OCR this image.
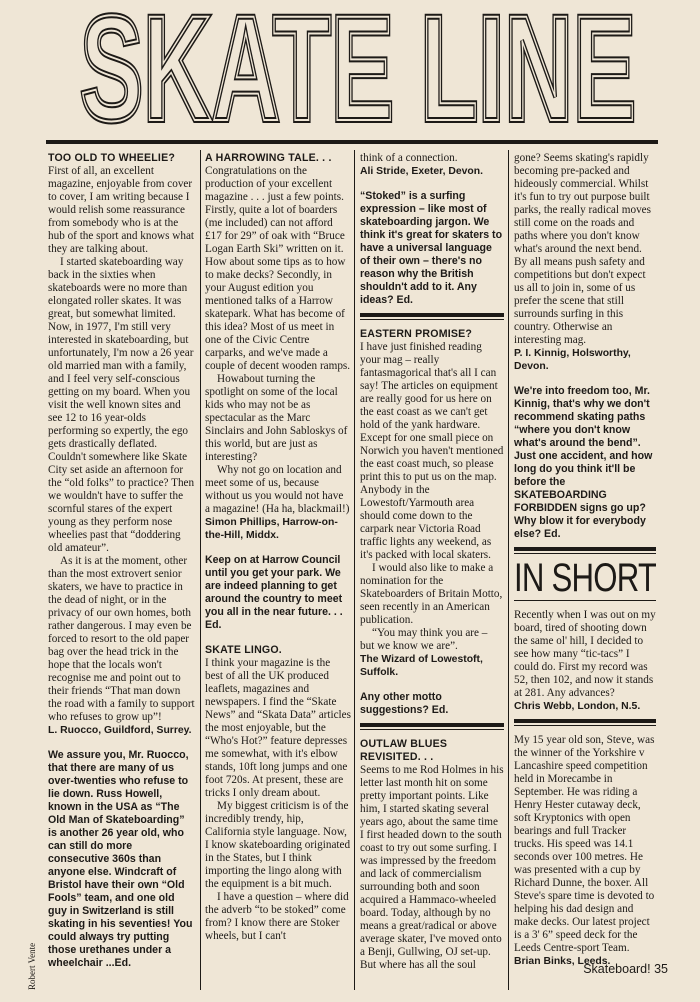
SKATE LINE
SKATE LINE

TOO OLD TO WHEELIE?

First of all, an excellent magazine, enjoyable from cover to cover, I am writing because I would relish some reassurance from somebody who is at the hub of the sport and knows what they are talking about.

I started skateboarding way back in the sixties when skateboards were no more than elongated roller skates. It was great, but somewhat limited. Now, in 1977, I'm still very interested in skateboarding, but unfortunately, I'm now a 26 year old married man with a family, and I feel very self-conscious getting on my board. When you visit the well known sites and see 12 to 16 year-olds performing so expertly, the ego gets drastically deflated. Couldn't somewhere like Skate City set aside an afternoon for the “old folks” to practice? Then we wouldn't have to suffer the scornful stares of the expert young as they perform nose wheelies past that “doddering old amateur”.

As it is at the moment, other than the most extrovert senior skaters, we have to practice in the dead of night, or in the privacy of our own homes, both rather dangerous. I may even be forced to resort to the old paper bag over the head trick in the hope that the locals won't recognise me and point out to their friends “That man down the road with a family to support who refuses to grow up”!

L. Ruocco, Guildford, Surrey.

We assure you, Mr. Ruocco, that there are many of us over-twenties who refuse to lie down. Russ Howell, known in the USA as “The Old Man of Skateboarding” is another 26 year old, who can still do more consecutive 360s than anyone else. Windcraft of Bristol have their own “Old Fools” team, and one old guy in Switzerland is still skating in his seventies! You could always try putting those urethanes under a wheelchair ...Ed.

A HARROWING TALE. . .

Congratulations on the production of your excellent magazine . . . just a few points. Firstly, quite a lot of boarders (me included) can not afford £17 for 29” of oak with “Bruce Logan Earth Ski” written on it. How about some tips as to how to make decks? Secondly, in your August edition you mentioned talks of a Harrow skatepark. What has become of this idea? Most of us meet in one of the Civic Centre carparks, and we've made a couple of decent wooden ramps.

Howabout turning the spotlight on some of the local kids who may not be as spectacular as the Marc Sinclairs and John Sabloskys of this world, but are just as interesting?

Why not go on location and meet some of us, because without us you would not have a magazine! (Ha ha, blackmail!)

Simon Phillips, Harrow-on-the-Hill, Middx.

Keep on at Harrow Council until you get your park. We are indeed planning to get around the country to meet you all in the near future. . . Ed.

SKATE LINGO.

I think your magazine is the best of all the UK produced leaflets, magazines and newspapers. I find the “Skate News” and “Skata Data” articles the most enjoyable, but the “Who's Hot?” feature depresses me somewhat, with it's elbow stands, 10ft long jumps and one foot 720s. At present, these are tricks I only dream about.

My biggest criticism is of the incredibly trendy, hip, California style language. Now, I know skateboarding originated in the States, but I think importing the lingo along with the equipment is a bit much.

I have a question – where did the adverb “to be stoked” come from? I know there are Stoker wheels, but I can't

think of a connection.

Ali Stride, Exeter, Devon.

“Stoked” is a surfing expression – like most of skateboarding jargon. We think it's great for skaters to have a universal language of their own – there's no reason why the British shouldn't add to it. Any ideas? Ed.

EASTERN PROMISE?

I have just finished reading your mag – really fantasmagorical that's all I can say! The articles on equipment are really good for us here on the east coast as we can't get hold of the yank hardware. Except for one small piece on Norwich you haven't mentioned the east coast much, so please print this to put us on the map. Anybody in the Lowestoft/Yarmouth area should come down to the carpark near Victoria Road traffic lights any weekend, as it's packed with local skaters.

I would also like to make a nomination for the Skateboarders of Britain Motto, seen recently in an American publication.

“You may think you are – but we know we are”.

The Wizard of Lowestoft, Suffolk.

Any other motto suggestions? Ed.

OUTLAW BLUES REVISITED. . .

Seems to me Rod Holmes in his letter last month hit on some pretty important points. Like him, I started skating several years ago, about the same time I first headed down to the south coast to try out some surfing. I was impressed by the freedom and lack of commercialism surrounding both and soon acquired a Hammaco-wheeled board. Today, although by no means a great/radical or above average skater, I've moved onto a Benji, Gullwing, OJ set-up. But where has all the soul

gone? Seems skating's rapidly becoming pre-packed and hideously commercial. Whilst it's fun to try out purpose built parks, the really radical moves still come on the roads and paths where you don't know what's around the next bend. By all means push safety and competitions but don't expect us all to join in, some of us prefer the scene that still surrounds surfing in this country. Otherwise an interesting mag.

P. I. Kinnig, Holsworthy, Devon.

We're into freedom too, Mr. Kinnig, that's why we don't recommend skating paths “where you don't know what's around the bend”. Just one accident, and how long do you think it'll be before the SKATEBOARDING FORBIDDEN signs go up? Why blow it for everybody else? Ed.

IN SHORT

Recently when I was out on my board, tired of shooting down the same ol' hill, I decided to see how many “tic-tacs” I could do. First my record was 52, then 102, and now it stands at 281. Any advances?

Chris Webb, London, N.5.

My 15 year old son, Steve, was the winner of the Yorkshire v Lancashire speed competition held in Morecambe in September. He was riding a Henry Hester cutaway deck, soft Kryptonics with open bearings and full Tracker trucks. His speed was 14.1 seconds over 100 metres. He was presented with a cup by Richard Dunne, the boxer. All Steve's spare time is devoted to helping his dad design and make decks. Our latest project is a 3' 6” speed deck for the Leeds Centre-sport Team.

Brian Binks, Leeds.

Robert Vente	Skateboard! 35
